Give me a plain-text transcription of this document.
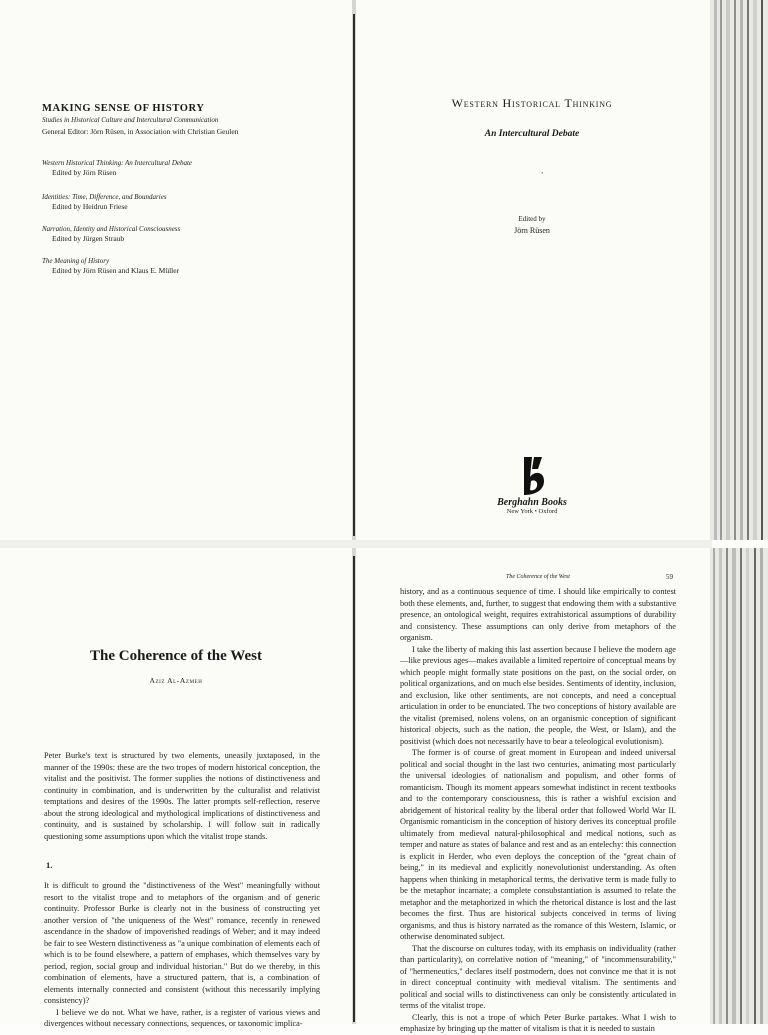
MAKING SENSE OF HISTORY
Studies in Historical Culture and Intercultural Communication
General Editor: Jörn Rüsen, in Association with Christian Geulen
Western Historical Thinking: An Intercultural Debate
Edited by Jörn Rüsen
Identities: Time, Difference, and Boundaries
Edited by Heidrun Friese
Narration, Identity and Historical Consciousness
Edited by Jürgen Straub
The Meaning of History
Edited by Jörn Rüsen and Klaus E. Müller
Western Historical Thinking
An Intercultural Debate
’
Edited by
Jörn Rüsen
Berghahn Books
New York • Oxford
The Coherence of the West
Aziz Al-Azmeh
Peter Burke's text is structured by two elements, uneasily juxtaposed, in the manner of the 1990s: these are the two tropes of modern historical conception, the vitalist and the positivist. The former supplies the notions of distinctiveness and continuity in combination, and is underwritten by the culturalist and relativist temptations and desires of the 1990s. The latter prompts self-reflection, reserve about the strong ideological and mythological implications of distinctiveness and continuity, and is sustained by scholarship. I will follow suit in radically questioning some assumptions upon which the vitalist trope stands.
1.

It is difficult to ground the "distinctiveness of the West" meaningfully without resort to the vitalist trope and to metaphors of the organism and of generic continuity. Professor Burke is clearly not in the business of constructing yet another version of "the uniqueness of the West" romance, recently in renewed ascendance in the shadow of impoverished readings of Weber; and it may indeed be fair to see Western distinctiveness as "a unique combination of elements each of which is to be found elsewhere, a pattern of emphases, which themselves vary by period, region, social group and individual historian." But do we thereby, in this combination of elements, have a structured pattern, that is, a combination of elements internally connected and consistent (without this necessarily implying consistency)?

I believe we do not. What we have, rather, is a register of various views and divergences without necessary connections, sequences, or taxonomic implica-

The Coherence of the West	59

history, and as a continuous sequence of time. I should like empirically to contest both these elements, and, further, to suggest that endowing them with a substantive presence, an ontological weight, requires extrahistorical assumptions of durability and consistency. These assumptions can only derive from metaphors of the organism.

I take the liberty of making this last assertion because I believe the modern age—like previous ages—makes available a limited repertoire of conceptual means by which people might formally state positions on the past, on the social order, on political organizations, and on much else besides. Sentiments of identity, inclusion, and exclusion, like other sentiments, are not concepts, and need a conceptual articulation in order to be enunciated. The two conceptions of history available are the vitalist (premised, nolens volens, on an organismic conception of significant historical objects, such as the nation, the people, the West, or Islam), and the positivist (which does not necessarily have to bear a teleological evolutionism).

The former is of course of great moment in European and indeed universal political and social thought in the last two centuries, animating most particularly the universal ideologies of nationalism and populism, and other forms of romanticism. Though its moment appears somewhat indistinct in recent textbooks and to the contemporary consciousness, this is rather a wishful excision and abridgement of historical reality by the liberal order that followed World War II. Organismic romanticism in the conception of history derives its conceptual profile ultimately from medieval natural-philosophical and medical notions, such as temper and nature as states of balance and rest and as an entelechy: this connection is explicit in Herder, who even deploys the conception of the "great chain of being," in its medieval and explicitly nonevolutionist understanding. As often happens when thinking in metaphorical terms, the derivative term is made fully to be the metaphor incarnate; a complete consubstantiation is assumed to relate the metaphor and the metaphorized in which the rhetorical distance is lost and the last becomes the first. Thus are historical subjects conceived in terms of living organisms, and thus is history narrated as the romance of this Western, Islamic, or otherwise denominated subject.

That the discourse on cultures today, with its emphasis on individuality (rather than particularity), on correlative notion of "meaning," of "incommensurability," of "hermeneutics," declares itself postmodern, does not convince me that it is not in direct conceptual continuity with medieval vitalism. The sentiments and political and social wills to distinctiveness can only be consistently articulated in terms of the vitalist trope.

Clearly, this is not a trope of which Peter Burke partakes. What I wish to emphasize by bringing up the matter of vitalism is that it is needed to sustain
